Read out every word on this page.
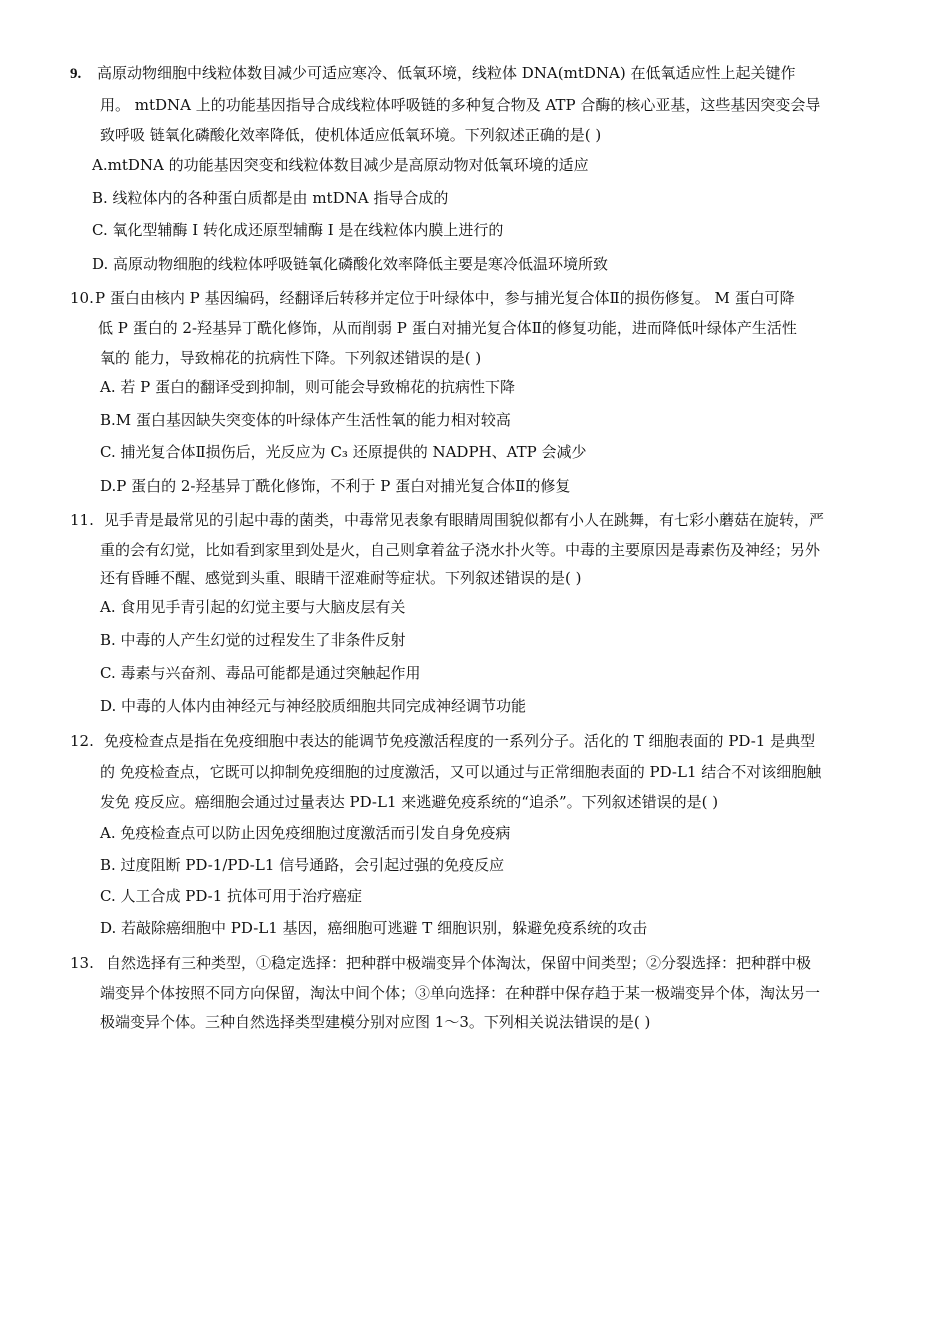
9. 高原动物细胞中线粒体数目减少可适应寒冷、低氧环境，线粒体 DNA(mtDNA) 在低氧适应性上起关键作
用。 mtDNA 上的功能基因指导合成线粒体呼吸链的多种复合物及 ATP 合酶的核心亚基，这些基因突变会导
致呼吸 链氧化磷酸化效率降低，使机体适应低氧环境。下列叙述正确的是( )
A.mtDNA 的功能基因突变和线粒体数目减少是高原动物对低氧环境的适应
B. 线粒体内的各种蛋白质都是由 mtDNA 指导合成的
C. 氧化型辅酶 I 转化成还原型辅酶 I 是在线粒体内膜上进行的
D. 高原动物细胞的线粒体呼吸链氧化磷酸化效率降低主要是寒冷低温环境所致
10. P 蛋白由核内 P 基因编码，经翻译后转移并定位于叶绿体中，参与捕光复合体Ⅱ的损伤修复。 M 蛋白可降
低 P 蛋白的 2-羟基异丁酰化修饰，从而削弱 P 蛋白对捕光复合体Ⅱ的修复功能，进而降低叶绿体产生活性
氧的 能力，导致棉花的抗病性下降。下列叙述错误的是( )
A. 若 P 蛋白的翻译受到抑制，则可能会导致棉花的抗病性下降
B.M 蛋白基因缺失突变体的叶绿体产生活性氧的能力相对较高
C. 捕光复合体Ⅱ损伤后，光反应为 C₃ 还原提供的 NADPH、ATP 会减少
D.P 蛋白的 2-羟基异丁酰化修饰，不利于 P 蛋白对捕光复合体Ⅱ的修复
11. 见手青是最常见的引起中毒的菌类，中毒常见表象有眼睛周围貌似都有小人在跳舞，有七彩小蘑菇在旋转，严
重的会有幻觉，比如看到家里到处是火，自己则拿着盆子浇水扑火等。中毒的主要原因是毒素伤及神经；另外
还有昏睡不醒、感觉到头重、眼睛干涩难耐等症状。下列叙述错误的是( )
A. 食用见手青引起的幻觉主要与大脑皮层有关
B. 中毒的人产生幻觉的过程发生了非条件反射
C. 毒素与兴奋剂、毒品可能都是通过突触起作用
D. 中毒的人体内由神经元与神经胶质细胞共同完成神经调节功能
12. 免疫检查点是指在免疫细胞中表达的能调节免疫激活程度的一系列分子。活化的 T 细胞表面的 PD-1 是典型
的 免疫检查点，它既可以抑制免疫细胞的过度激活，又可以通过与正常细胞表面的 PD-L1 结合不对该细胞触
发免 疫反应。癌细胞会通过过量表达 PD-L1 来逃避免疫系统的“追杀”。下列叙述错误的是( )
A. 免疫检查点可以防止因免疫细胞过度激活而引发自身免疫病
B. 过度阻断 PD-1/PD-L1 信号通路，会引起过强的免疫反应
C. 人工合成 PD-1 抗体可用于治疗癌症
D. 若敲除癌细胞中 PD-L1 基因，癌细胞可逃避 T 细胞识别，躲避免疫系统的攻击
13. 自然选择有三种类型，①稳定选择：把种群中极端变异个体淘汰，保留中间类型；②分裂选择：把种群中极
端变异个体按照不同方向保留，淘汰中间个体；③单向选择：在种群中保存趋于某一极端变异个体，淘汰另一
极端变异个体。三种自然选择类型建模分别对应图 1～3。下列相关说法错误的是( )
